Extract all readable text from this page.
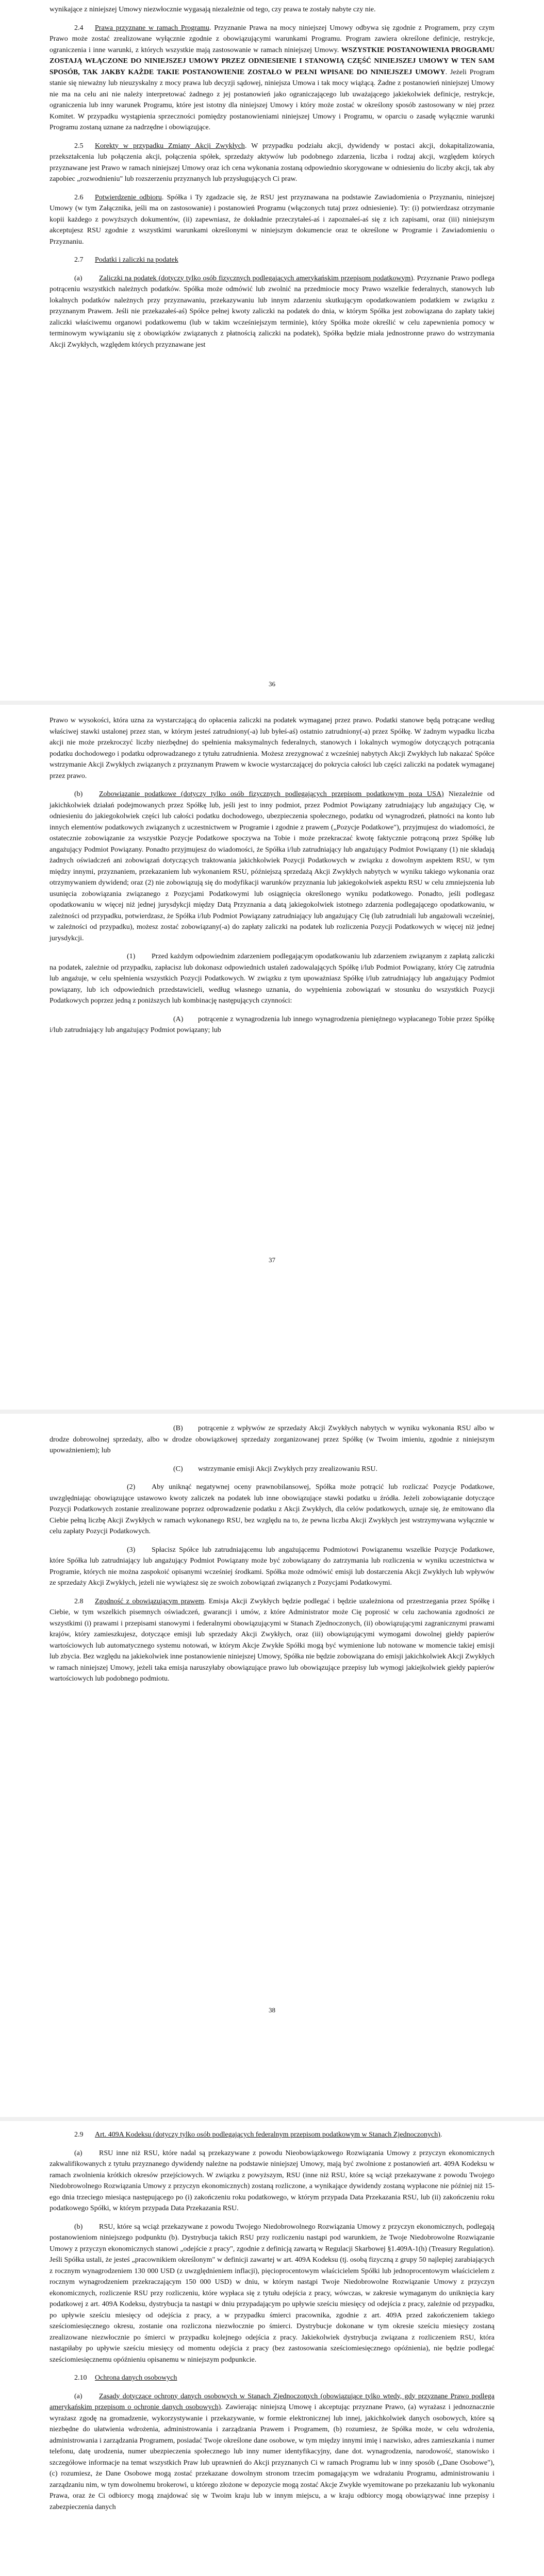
wynikające z niniejszej Umowy niezwłocznie wygasają niezależnie od tego, czy prawa te zostały nabyte czy nie.

2.4 Prawa przyznane w ramach Programu. Przyznanie Prawa na mocy niniejszej Umowy odbywa się zgodnie z Programem, przy czym Prawo może zostać zrealizowane wyłącznie zgodnie z obowiązującymi warunkami Programu. Program zawiera określone definicje, restrykcje, ograniczenia i inne warunki, z których wszystkie mają zastosowanie w ramach niniejszej Umowy. WSZYSTKIE POSTANOWIENIA PROGRAMU ZOSTAJĄ WŁĄCZONE DO NINIEJSZEJ UMOWY PRZEZ ODNIESIENIE I STANOWIĄ CZĘŚĆ NINIEJSZEJ UMOWY W TEN SAM SPOSÓB, TAK JAKBY KAŻDE TAKIE POSTANOWIENIE ZOSTAŁO W PEŁNI WPISANE DO NINIEJSZEJ UMOWY. Jeżeli Program stanie się nieważny lub nieuzyskalny z mocy prawa lub decyzji sądowej, niniejsza Umowa i tak mocy wiążącą. Żadne z postanowień niniejszej Umowy nie ma na celu ani nie należy interpretować żadnego z jej postanowień jako ograniczającego lub uważającego jakiekolwiek definicje, restrykcje, ograniczenia lub inny warunek Programu, które jest istotny dla niniejszej Umowy i który może zostać w określony sposób zastosowany w niej przez Komitet. W przypadku wystąpienia sprzeczności pomiędzy postanowieniami niniejszej Umowy i Programu, w oparciu o zasadę wyłącznie warunki Programu zostaną uznane za nadrzędne i obowiązujące.

2.5 Korekty w przypadku Zmiany Akcji Zwykłych. W przypadku podziału akcji, dywidendy w postaci akcji, dokapitalizowania, przekształcenia lub połączenia akcji, połączenia spółek, sprzedaży aktywów lub podobnego zdarzenia, liczba i rodzaj akcji, względem których przyznawane jest Prawo w ramach niniejszej Umowy oraz ich cena wykonania zostaną odpowiednio skorygowane w odniesieniu do liczby akcji, tak aby zapobiec „rozwodnieniu" lub rozszerzeniu przyznanych lub przysługujących Ci praw.

2.6 Potwierdzenie odbioru. Spółka i Ty zgadzacie się, że RSU jest przyznawana na podstawie Zawiadomienia o Przyznaniu, niniejszej Umowy (w tym Załącznika, jeśli ma on zastosowanie) i postanowień Programu (włączonych tutaj przez odniesienie). Ty: (i) potwierdzasz otrzymanie kopii każdego z powyższych dokumentów, (ii) zapewniasz, że dokładnie przeczytałeś-aś i zapoznałeś-aś się z ich zapisami, oraz (iii) niniejszym akceptujesz RSU zgodnie z wszystkimi warunkami określonymi w niniejszym dokumencie oraz te określone w Programie i Zawiadomieniu o Przyznaniu.

2.7 Podatki i zaliczki na podatek

(a) Zaliczki na podatek (dotyczy tylko osób fizycznych podlegających amerykańskim przepisom podatkowym). Przyznanie Prawo podlega potrąceniu wszystkich należnych podatków. Spółka może odmówić lub zwolnić na przedmiocie mocy Prawo wszelkie federalnych, stanowych lub lokalnych podatków należnych przy przyznawaniu, przekazywaniu lub innym zdarzeniu skutkującym opodatkowaniem podatkiem w związku z przyznanym Prawem. Jeśli nie przekazałeś-aś) Spółce pełnej kwoty zaliczki na podatek do dnia, w którym Spółka jest zobowiązana do zapłaty takiej zaliczki właściwemu organowi podatkowemu (lub w takim wcześniejszym terminie), który Spółka może określić w celu zapewnienia pomocy w terminowym wywiązaniu się z obowiązków związanych z płatnością zaliczki na podatek), Spółka będzie miała jednostronne prawo do wstrzymania Akcji Zwykłych, względem których przyznawane jest

36

Prawo w wysokości, która uzna za wystarczającą do opłacenia zaliczki na podatek wymaganej przez prawo. Podatki stanowe będą potrącane według właściwej stawki ustalonej przez stan, w którym jesteś zatrudniony(-a) lub byłeś-aś) ostatnio zatrudniony(-a) przez Spółkę. W żadnym wypadku liczba akcji nie może przekroczyć liczby niezbędnej do spełnienia maksymalnych federalnych, stanowych i lokalnych wymogów dotyczących potrącania podatku dochodowego i podatku odprowadzanego z tytułu zatrudnienia. Możesz zrezygnować z wcześniej nabytych Akcji Zwykłych lub nakazać Spółce wstrzymanie Akcji Zwykłych związanych z przyznanym Prawem w kwocie wystarczającej do pokrycia całości lub części zaliczki na podatek wymaganej przez prawo.

(b) Zobowiązanie podatkowe (dotyczy tylko osób fizycznych podlegających przepisom podatkowym poza USA) Niezależnie od jakichkolwiek działań podejmowanych przez Spółkę lub, jeśli jest to inny podmiot, przez Podmiot Powiązany zatrudniający lub angażujący Cię, w odniesieniu do jakiegokolwiek części lub całości podatku dochodowego, ubezpieczenia społecznego, podatku od wynagrodzeń, płatności na konto lub innych elementów podatkowych związanych z uczestnictwem w Programie i zgodnie z prawem („Pozycje Podatkowe"), przyjmujesz do wiadomości, że ostatecznie zobowiązanie za wszystkie Pozycje Podatkowe spoczywa na Tobie i może przekraczać kwotę faktycznie potrąconą przez Spółkę lub angażujący Podmiot Powiązany. Ponadto przyjmujesz do wiadomości, że Spółka i/lub zatrudniający lub angażujący Podmiot Powiązany (1) nie składają żadnych oświadczeń ani zobowiązań dotyczących traktowania jakichkolwiek Pozycji Podatkowych w związku z dowolnym aspektem RSU, w tym między innymi, przyznaniem, przekazaniem lub wykonaniem RSU, późniejszą sprzedażą Akcji Zwykłych nabytych w wyniku takiego wykonania oraz otrzymywaniem dywidend; oraz (2) nie zobowiązują się do modyfikacji warunków przyznania lub jakiegokolwiek aspektu RSU w celu zmniejszenia lub usunięcia zobowiązania związanego z Pozycjami Podatkowymi lub osiągnięcia określonego wyniku podatkowego. Ponadto, jeśli podlegasz opodatkowaniu w więcej niż jednej jurysdykcji między Datą Przyznania a datą jakiegokolwiek istotnego zdarzenia podlegającego opodatkowaniu, w zależności od przypadku, potwierdzasz, że Spółka i/lub Podmiot Powiązany zatrudniający lub angażujący Cię (lub zatrudniali lub angażowali wcześniej, w zależności od przypadku), możesz zostać zobowiązany(-a) do zapłaty zaliczki na podatek lub rozliczenia Pozycji Podatkowych w więcej niż jednej jurysdykcji.

(1) Przed każdym odpowiednim zdarzeniem podlegającym opodatkowaniu lub zdarzeniem związanym z zapłatą zaliczki na podatek, zależnie od przypadku, zapłacisz lub dokonasz odpowiednich ustaleń zadowalających Spółkę i/lub Podmiot Powiązany, który Cię zatrudnia lub angażuje, w celu spełnienia wszystkich Pozycji Podatkowych. W związku z tym upoważniasz Spółkę i/lub zatrudniający lub angażujący Podmiot powiązany, lub ich odpowiednich przedstawicieli, według własnego uznania, do wypełnienia zobowiązań w stosunku do wszystkich Pozycji Podatkowych poprzez jedną z poniższych lub kombinację następujących czynności:

(A) potrącenie z wynagrodzenia lub innego wynagrodzenia pieniężnego wypłacanego Tobie przez Spółkę i/lub zatrudniający lub angażujący Podmiot powiązany; lub

37

(B) potrącenie z wpływów ze sprzedaży Akcji Zwykłych nabytych w wyniku wykonania RSU albo w drodze dobrowolnej sprzedaży, albo w drodze obowiązkowej sprzedaży zorganizowanej przez Spółkę (w Twoim imieniu, zgodnie z niniejszym upoważnieniem); lub

(C) wstrzymanie emisji Akcji Zwykłych przy zrealizowaniu RSU.

(2) Aby uniknąć negatywnej oceny prawnobilansowej, Spółka może potrącić lub rozliczać Pozycje Podatkowe, uwzględniając obowiązujące ustawowo kwoty zaliczek na podatek lub inne obowiązujące stawki podatku u źródła. Jeżeli zobowiązanie dotyczące Pozycji Podatkowych zostanie zrealizowane poprzez odprowadzenie podatku z Akcji Zwykłych, dla celów podatkowych, uznaje się, że emitowano dla Ciebie pełną liczbę Akcji Zwykłych w ramach wykonanego RSU, bez względu na to, że pewna liczba Akcji Zwykłych jest wstrzymywana wyłącznie w celu zapłaty Pozycji Podatkowych.

(3) Spłacisz Spółce lub zatrudniającemu lub angażującemu Podmiotowi Powiązanemu wszelkie Pozycje Podatkowe, które Spółka lub zatrudniający lub angażujący Podmiot Powiązany może być zobowiązany do zatrzymania lub rozliczenia w wyniku uczestnictwa w Programie, których nie można zaspokoić opisanymi wcześniej środkami. Spółka może odmówić emisji lub dostarczenia Akcji Zwykłych lub wpływów ze sprzedaży Akcji Zwykłych, jeżeli nie wywiążesz się ze swoich zobowiązań związanych z Pozycjami Podatkowymi.

2.8 Zgodność z obowiązującym prawem. Emisja Akcji Zwykłych będzie podlegać i będzie uzależniona od przestrzegania przez Spółkę i Ciebie, w tym wszelkich pisemnych oświadczeń, gwarancji i umów, z które Administrator może Cię poprosić w celu zachowania zgodności ze wszystkimi (i) prawami i przepisami stanowymi i federalnymi obowiązującymi w Stanach Zjednoczonych, (ii) obowiązującymi zagranicznymi prawami krajów, który zamieszkujesz, dotyczące emisji lub sprzedaży Akcji Zwykłych, oraz (iii) obowiązującymi wymogami dowolnej giełdy papierów wartościowych lub automatycznego systemu notowań, w którym Akcje Zwykłe Spółki mogą być wymienione lub notowane w momencie takiej emisji lub zbycia. Bez względu na jakiekolwiek inne postanowienie niniejszej Umowy, Spółka nie będzie zobowiązana do emisji jakichkolwiek Akcji Zwykłych w ramach niniejszej Umowy, jeżeli taka emisja naruszyłaby obowiązujące prawo lub obowiązujące przepisy lub wymogi jakiejkolwiek giełdy papierów wartościowych lub podobnego podmiotu.

38

2.9 Art. 409A Kodeksu (dotyczy tylko osób podlegających federalnym przepisom podatkowym w Stanach Zjednoczonych).

(a) RSU inne niż RSU, które nadal są przekazywane z powodu Nieobowiązkowego Rozwiązania Umowy z przyczyn ekonomicznych zakwalifikowanych z tytułu przyznanego dywidendy należne na podstawie niniejszej Umowy, mają być zwolnione z postanowień art. 409A Kodeksu w ramach zwolnienia krótkich okresów przejściowych. W związku z powyższym, RSU (inne niż RSU, które są wciąż przekazywane z powodu Twojego Niedobrowolnego Rozwiązania Umowy z przyczyn ekonomicznych) zostaną rozliczone, a wynikające dywidendy zostaną wypłacone nie później niż 15-ego dnia trzeciego miesiąca następującego po (i) zakończeniu roku podatkowego, w którym przypada Data Przekazania RSU, lub (ii) zakończeniu roku podatkowego Spółki, w którym przypada Data Przekazania RSU.

(b) RSU, które są wciąż przekazywane z powodu Twojego Niedobrowolnego Rozwiązania Umowy z przyczyn ekonomicznych, podlegają postanowieniom niniejszego podpunktu (b). Dystrybucja takich RSU przy rozliczeniu nastąpi pod warunkiem, że Twoje Niedobrowolne Rozwiązanie Umowy z przyczyn ekonomicznych stanowi „odejście z pracy", zgodnie z definicją zawartą w Regulacji Skarbowej §1.409A-1(h) (Treasury Regulation). Jeśli Spółka ustali, że jesteś „pracownikiem określonym" w definicji zawartej w art. 409A Kodeksu (tj. osobą fizyczną z grupy 50 najlepiej zarabiających z rocznym wynagrodzeniem 130 000 USD (z uwzględnieniem inflacji), pięcioprocentowym właścicielem Spółki lub jednoprocentowym właścicielem z rocznym wynagrodzeniem przekraczającym 150 000 USD) w dniu, w którym nastąpi Twoje Niedobrowolne Rozwiązanie Umowy z przyczyn ekonomicznych, rozliczenie RSU przy rozliczeniu, które wypłaca się z tytułu odejścia z pracy, wówczas, w zakresie wymaganym do uniknięcia kary podatkowej z art. 409A Kodeksu, dystrybucja ta nastąpi w dniu przypadającym po upływie sześciu miesięcy od odejścia z pracy, zależnie od przypadku, po upływie sześciu miesięcy od odejścia z pracy, a w przypadku śmierci pracownika, zgodnie z art. 409A przed zakończeniem takiego sześciomiesięcznego okresu, zostanie ona rozliczona niezwłocznie po śmierci. Dystrybucje dokonane w tym okresie sześciu miesięcy zostaną zrealizowane niezwłocznie po śmierci w przypadku kolejnego odejścia z pracy. Jakiekolwiek dystrybucja związana z rozliczeniem RSU, która nastąpiłaby po upływie sześciu miesięcy od momentu odejścia z pracy (bez zastosowania sześciomiesięcznego opóźnienia), nie będzie podlegać sześciomiesięcznemu opóźnieniu opisanemu w niniejszym podpunkcie.

2.10 Ochrona danych osobowych

(a) Zasady dotyczące ochrony danych osobowych w Stanach Zjednoczonych (obowiązujące tylko wtedy, gdy przyznane Prawo podlega amerykańskim przepisom o ochronie danych osobowych). Zawierając niniejszą Umowę i akceptując przyznane Prawo, (a) wyrażasz i jednoznacznie wyrażasz zgodę na gromadzenie, wykorzystywanie i przekazywanie, w formie elektronicznej lub innej, jakichkolwiek danych osobowych, które są niezbędne do ułatwienia wdrożenia, administrowania i zarządzania Prawem i Programem, (b) rozumiesz, że Spółka może, w celu wdrożenia, administrowania i zarządzania Programem, posiadać Twoje określone dane osobowe, w tym między innymi imię i nazwisko, adres zamieszkania i numer telefonu, datę urodzenia, numer ubezpieczenia społecznego lub inny numer identyfikacyjny, dane dot. wynagrodzenia, narodowość, stanowisko i szczegółowe informacje na temat wszystkich Praw lub uprawnień do Akcji przyznanych Ci w ramach Programu lub w inny sposób („Dane Osobowe"), (c) rozumiesz, że Dane Osobowe mogą zostać przekazane dowolnym stronom trzecim pomagającym we wdrażaniu Programu, administrowaniu i zarządzaniu nim, w tym dowolnemu brokerowi, u którego złożone w depozycie mogą zostać Akcje Zwykłe wyemitowane po przekazaniu lub wykonaniu Prawa, oraz że Ci odbiorcy mogą znajdować się w Twoim kraju lub w innym miejscu, a w kraju odbiorcy mogą obowiązywać inne przepisy i zabezpieczenia danych
